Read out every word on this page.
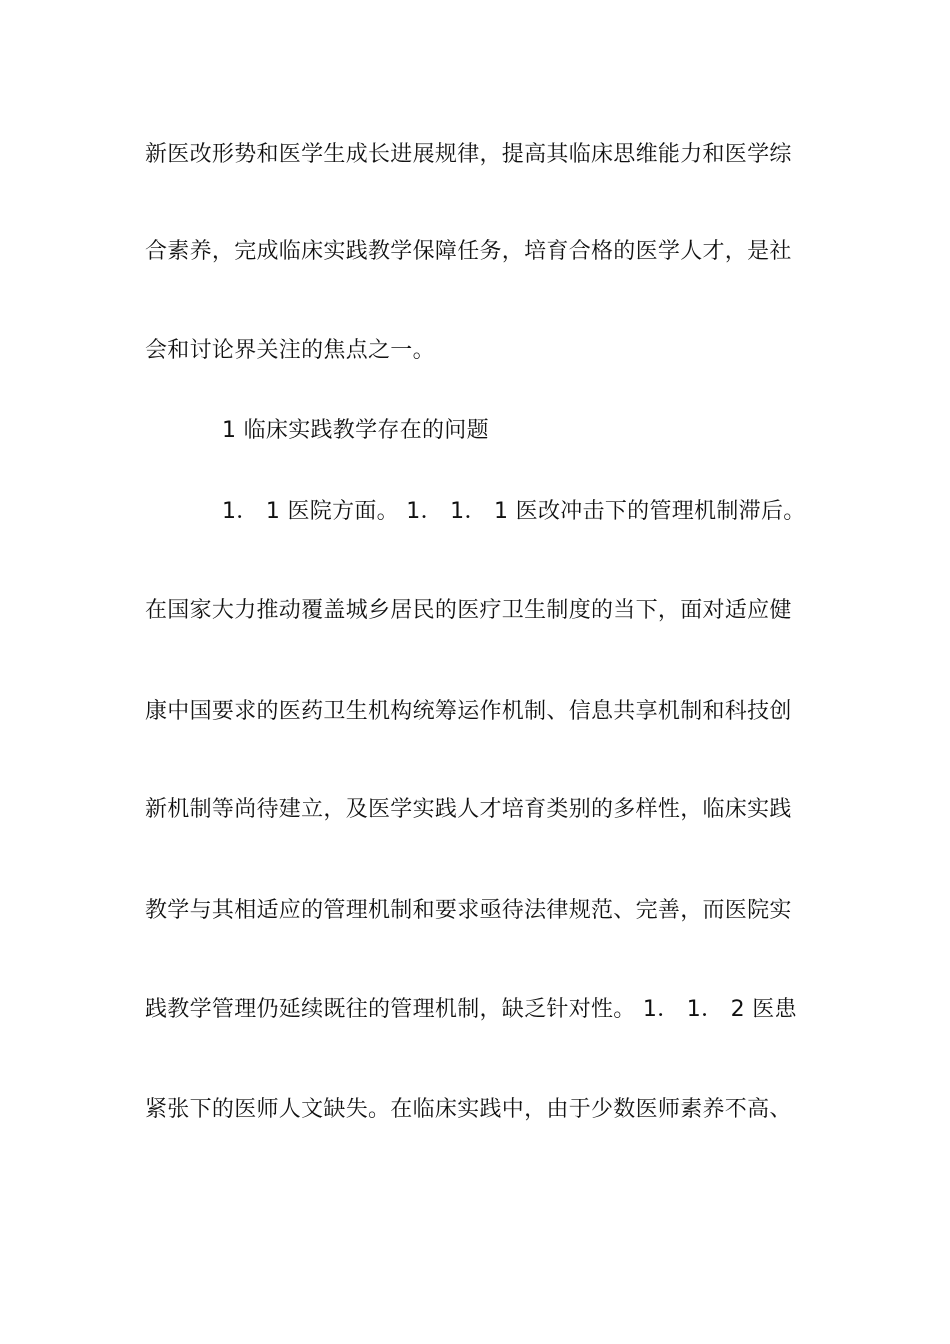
新医改形势和医学生成长进展规律，提高其临床思维能力和医学综
合素养，完成临床实践教学保障任务，培育合格的医学人才，是社
会和讨论界关注的焦点之一。
1 临床实践教学存在的问题
1． 1 医院方面。 1． 1． 1 医改冲击下的管理机制滞后。
在国家大力推动覆盖城乡居民的医疗卫生制度的当下，面对适应健
康中国要求的医药卫生机构统筹运作机制、信息共享机制和科技创
新机制等尚待建立，及医学实践人才培育类别的多样性，临床实践
教学与其相适应的管理机制和要求亟待法律规范、完善，而医院实
践教学管理仍延续既往的管理机制，缺乏针对性。 1． 1． 2 医患
紧张下的医师人文缺失。在临床实践中，由于少数医师素养不高、
